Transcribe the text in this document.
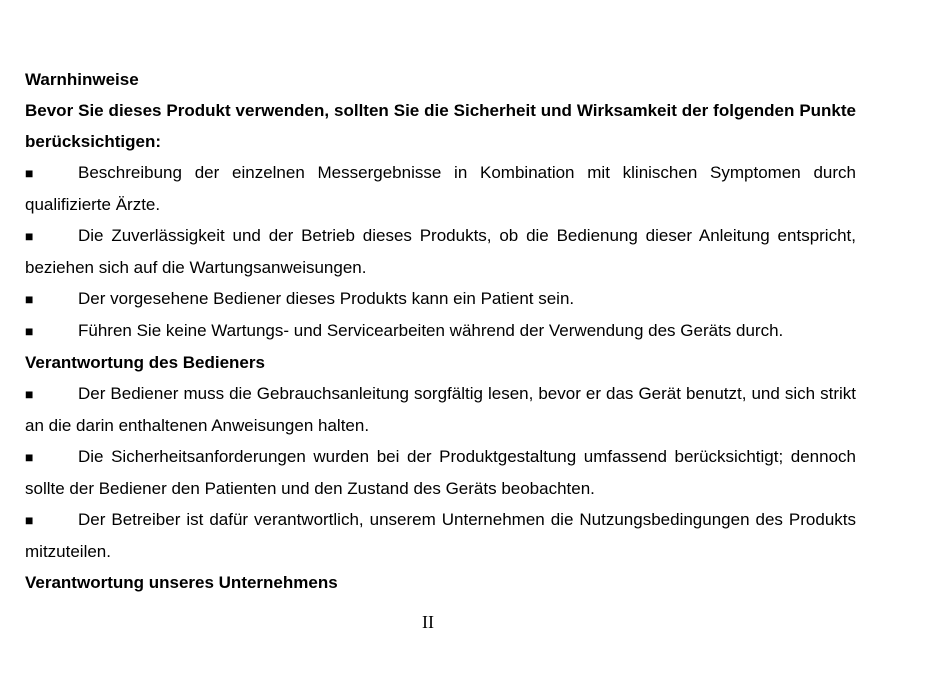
Warnhinweise

Bevor Sie dieses Produkt verwenden, sollten Sie die Sicherheit und Wirksamkeit der folgenden Punkte berücksichtigen:

■	Beschreibung der einzelnen Messergebnisse in Kombination mit klinischen Symptomen durch qualifizierte Ärzte.

■	Die Zuverlässigkeit und der Betrieb dieses Produkts, ob die Bedienung dieser Anleitung entspricht, beziehen sich auf die Wartungsanweisungen.

■	Der vorgesehene Bediener dieses Produkts kann ein Patient sein.

■	Führen Sie keine Wartungs- und Servicearbeiten während der Verwendung des Geräts durch.

Verantwortung des Bedieners

■	Der Bediener muss die Gebrauchsanleitung sorgfältig lesen, bevor er das Gerät benutzt, und sich strikt an die darin enthaltenen Anweisungen halten.

■	Die Sicherheitsanforderungen wurden bei der Produktgestaltung umfassend berücksichtigt; dennoch sollte der Bediener den Patienten und den Zustand des Geräts beobachten.

■	Der Betreiber ist dafür verantwortlich, unserem Unternehmen die Nutzungsbedingungen des Produkts mitzuteilen.

Verantwortung unseres Unternehmens

II
